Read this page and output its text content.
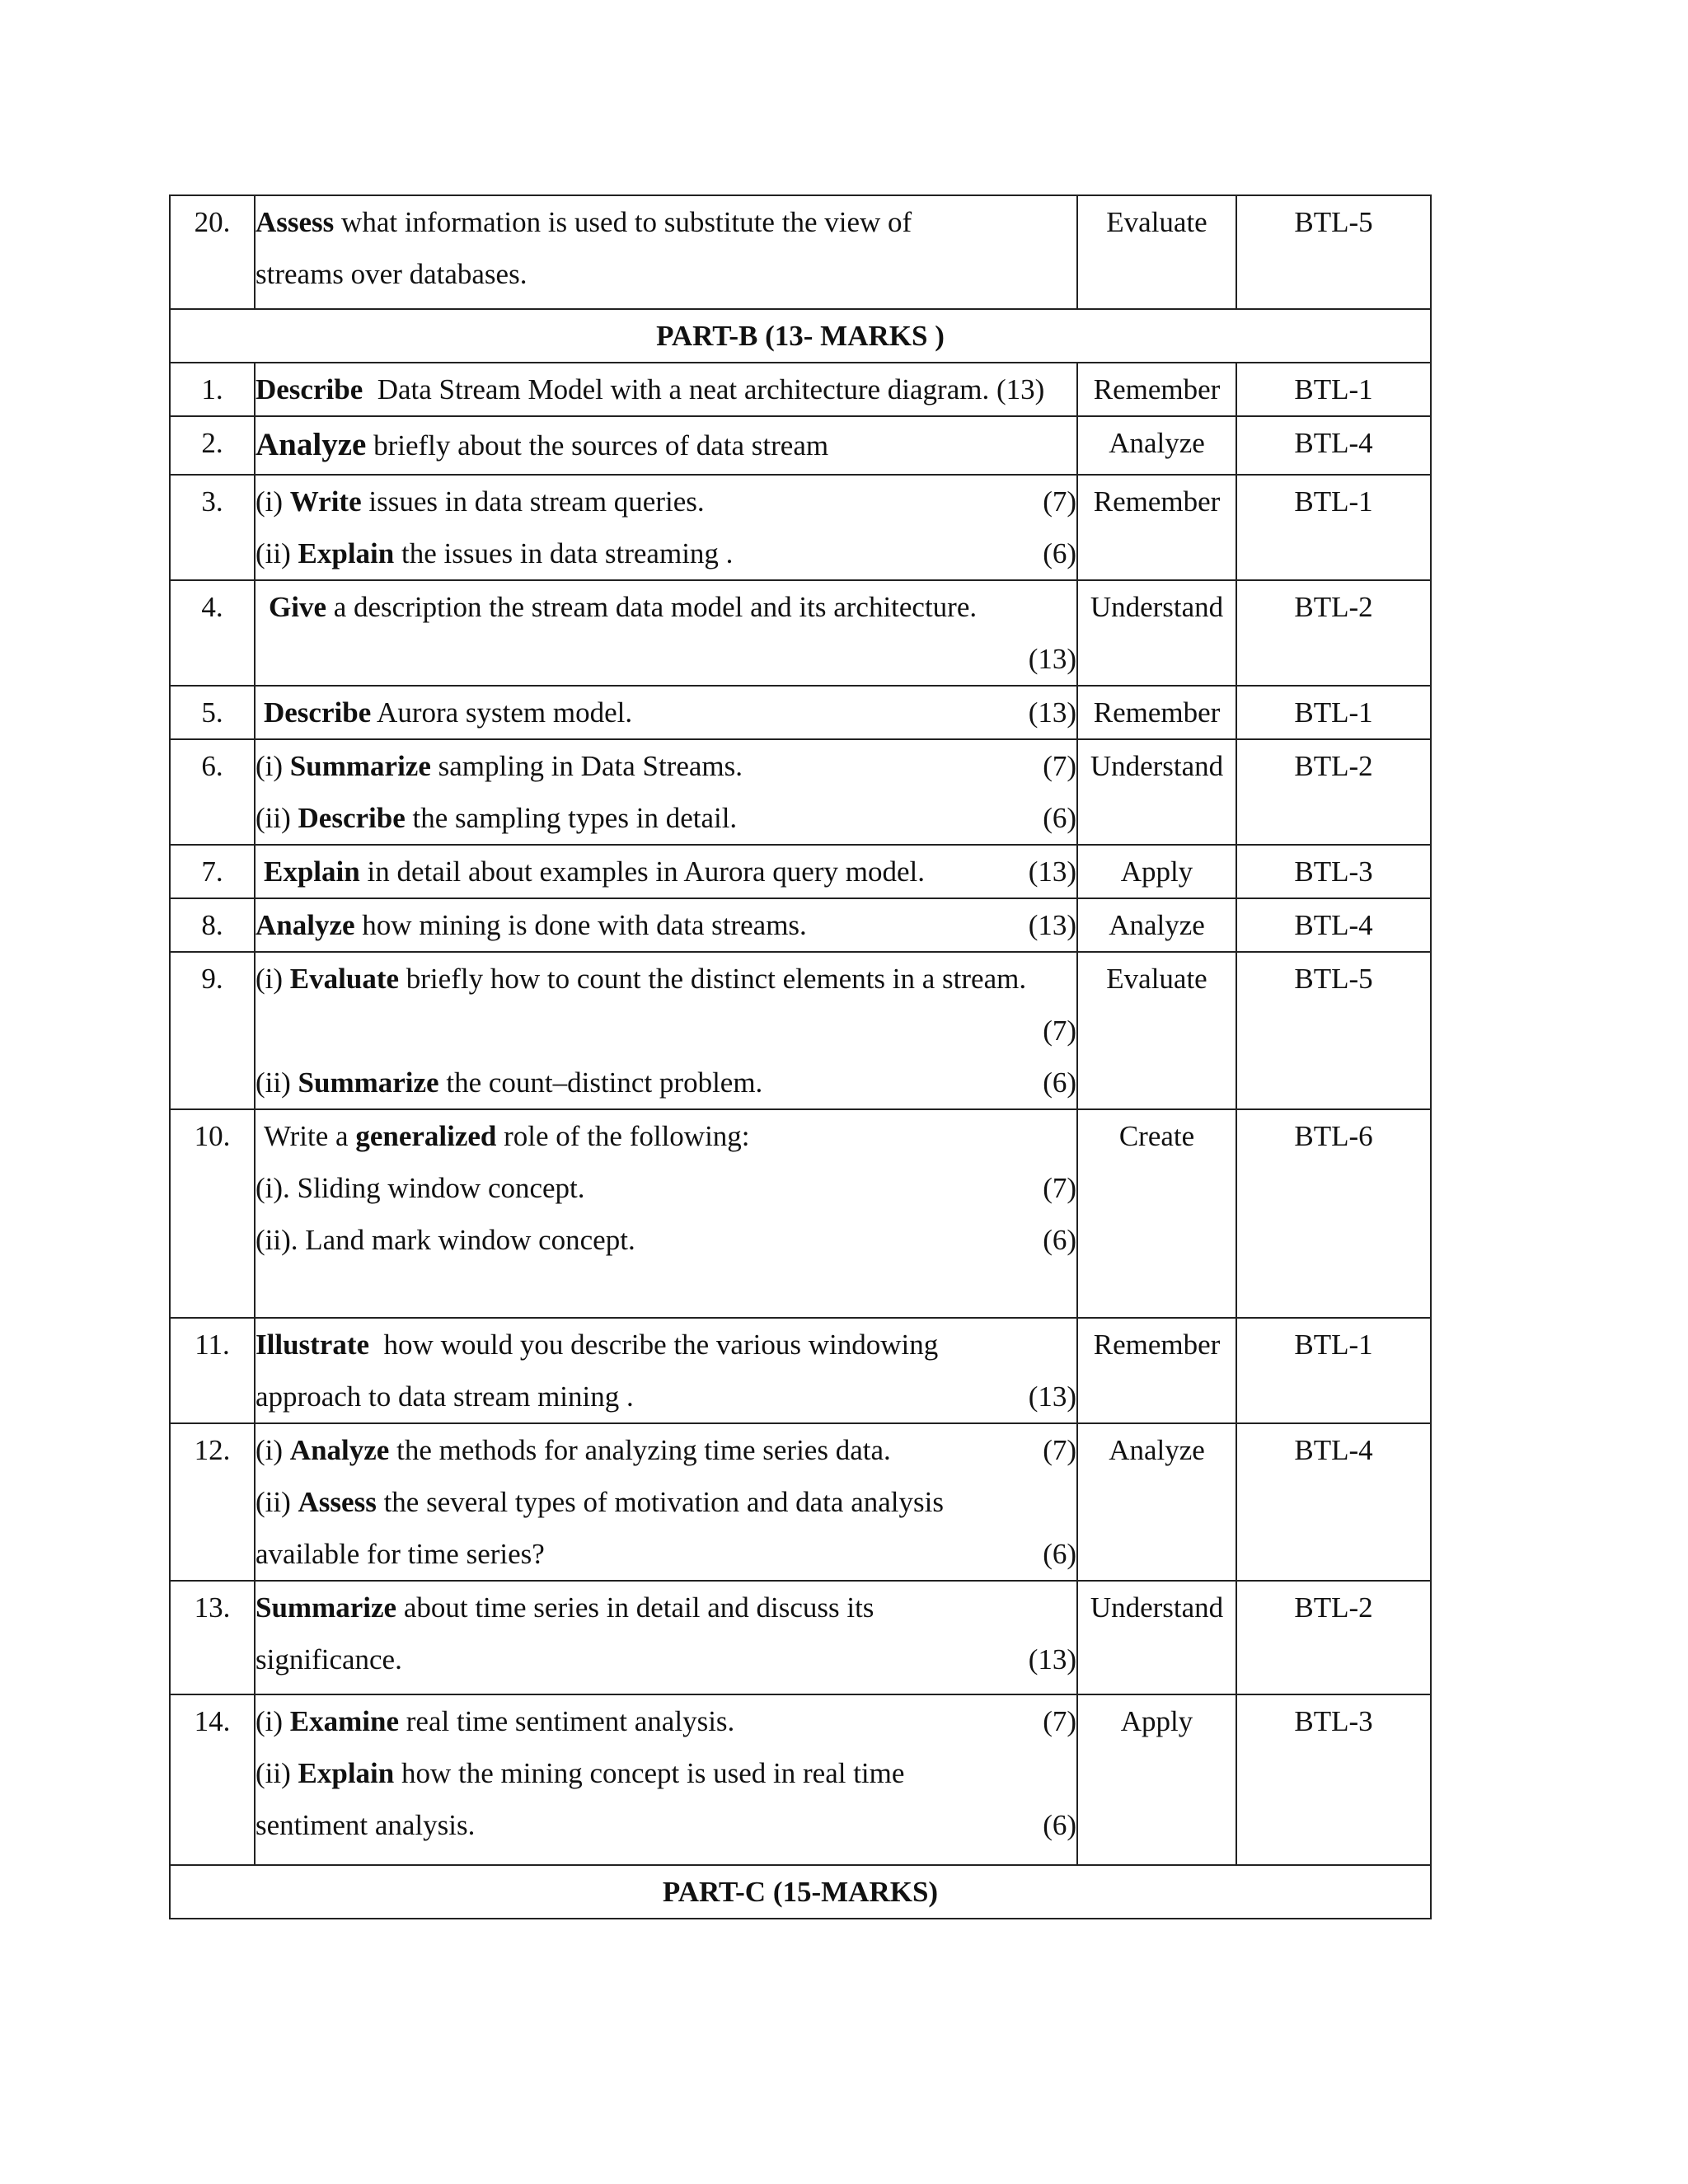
20.	Assess what information is used to substitute the view of
streams over databases.	Evaluate	BTL-5
PART-B (13- MARKS )			
1.	Describe  Data Stream Model with a neat architecture diagram. (13)	Remember	BTL-1
2.	Analyze briefly about the sources of data stream	Analyze	BTL-4
3.	(i) Write issues in data stream queries. (7)
(ii) Explain the issues in data streaming . (6)	Remember	BTL-1
4.	Give a description the stream data model and its architecture.
(13)	Understand	BTL-2
5.	Describe Aurora system model. (13)	Remember	BTL-1
6.	(i) Summarize sampling in Data Streams. (7)
(ii) Describe the sampling types in detail. (6)	Understand	BTL-2
7.	Explain in detail about examples in Aurora query model. (13)	Apply	BTL-3
8.	Analyze how mining is done with data streams. (13)	Analyze	BTL-4
9.	(i) Evaluate briefly how to count the distinct elements in a stream.
(7)
(ii) Summarize the count–distinct problem. (6)	Evaluate	BTL-5
10.	Write a generalized role of the following:
(i). Sliding window concept. (7)
(ii). Land mark window concept. (6)	Create	BTL-6
11.	Illustrate  how would you describe the various windowing
approach to data stream mining . (13)	Remember	BTL-1
12.	(i) Analyze the methods for analyzing time series data. (7)
(ii) Assess the several types of motivation and data analysis
available for time series? (6)	Analyze	BTL-4
13.	Summarize about time series in detail and discuss its
significance. (13)	Understand	BTL-2
14.	(i) Examine real time sentiment analysis. (7)
(ii) Explain how the mining concept is used in real time
sentiment analysis. (6)	Apply	BTL-3
PART-C (15-MARKS)			
